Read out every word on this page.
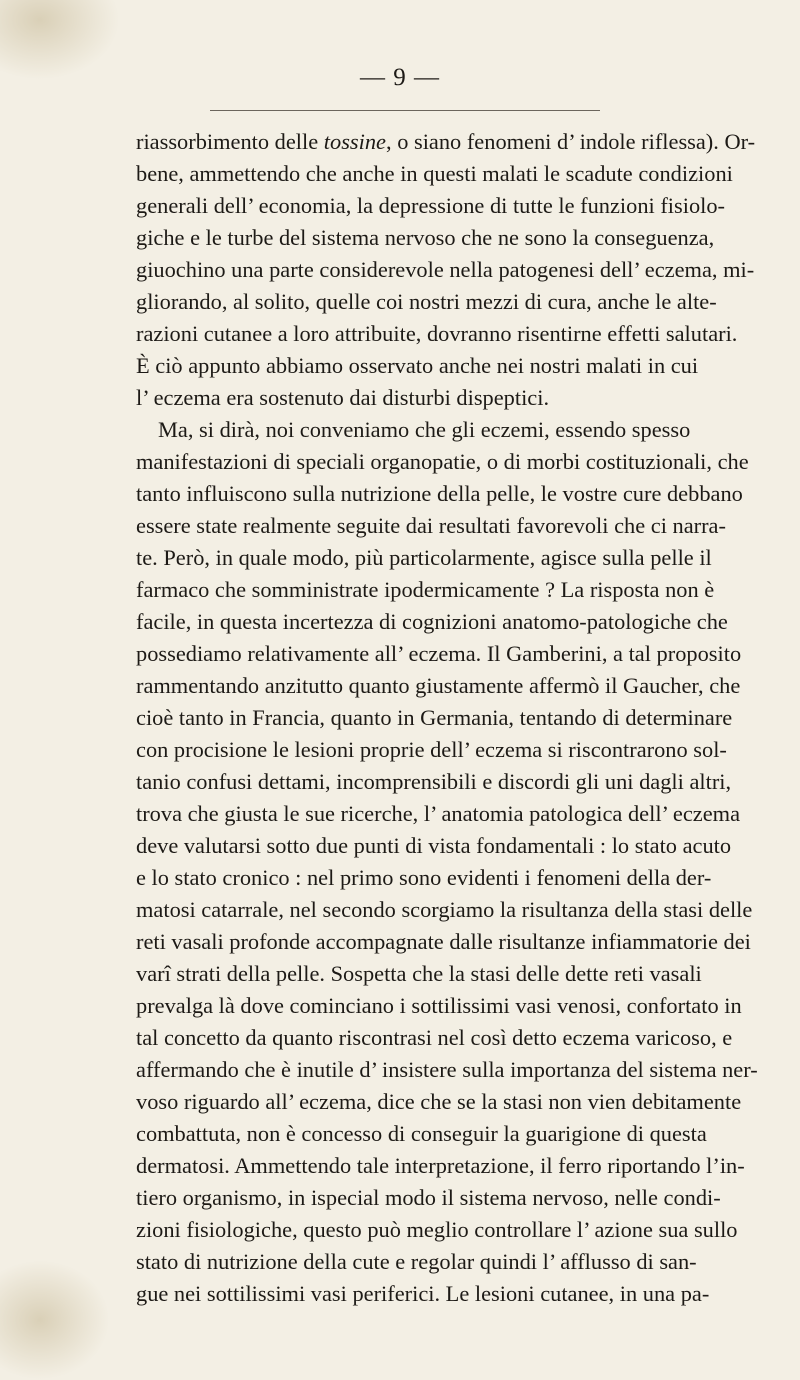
— 9 —
riassorbimento delle tossine, o siano fenomeni d’ indole riflessa). Or-
bene, ammettendo che anche in questi malati le scadute condizioni
generali dell’ economia, la depressione di tutte le funzioni fisiolo-
giche e le turbe del sistema nervoso che ne sono la conseguenza,
giuochino una parte considerevole nella patogenesi dell’ eczema, mi-
gliorando, al solito, quelle coi nostri mezzi di cura, anche le alte-
razioni cutanee a loro attribuite, dovranno risentirne effetti salutari.
È ciò appunto abbiamo osservato anche nei nostri malati in cui
l’ eczema era sostenuto dai disturbi dispeptici.
Ma, si dirà, noi conveniamo che gli eczemi, essendo spesso
manifestazioni di speciali organopatie, o di morbi costituzionali, che
tanto influiscono sulla nutrizione della pelle, le vostre cure debbano
essere state realmente seguite dai resultati favorevoli che ci narra-
te. Però, in quale modo, più particolarmente, agisce sulla pelle il
farmaco che somministrate ipodermicamente ? La risposta non è
facile, in questa incertezza di cognizioni anatomo-patologiche che
possediamo relativamente all’ eczema. Il Gamberini, a tal proposito
rammentando anzitutto quanto giustamente affermò il Gaucher, che
cioè tanto in Francia, quanto in Germania, tentando di determinare
con procisione le lesioni proprie dell’ eczema si riscontrarono sol-
tanio confusi dettami, incomprensibili e discordi gli uni dagli altri,
trova che giusta le sue ricerche, l’ anatomia patologica dell’ eczema
deve valutarsi sotto due punti di vista fondamentali : lo stato acuto
e lo stato cronico : nel primo sono evidenti i fenomeni della der-
matosi catarrale, nel secondo scorgiamo la risultanza della stasi delle
reti vasali profonde accompagnate dalle risultanze infiammatorie dei
varî strati della pelle. Sospetta che la stasi delle dette reti vasali
prevalga là dove cominciano i sottilissimi vasi venosi, confortato in
tal concetto da quanto riscontrasi nel così detto eczema varicoso, e
affermando che è inutile d’ insistere sulla importanza del sistema ner-
voso riguardo all’ eczema, dice che se la stasi non vien debitamente
combattuta, non è concesso di conseguir la guarigione di questa
dermatosi. Ammettendo tale interpretazione, il ferro riportando l’in-
tiero organismo, in ispecial modo il sistema nervoso, nelle condi-
zioni fisiologiche, questo può meglio controllare l’ azione sua sullo
stato di nutrizione della cute e regolar quindi l’ afflusso di san-
gue nei sottilissimi vasi periferici. Le lesioni cutanee, in una pa-
